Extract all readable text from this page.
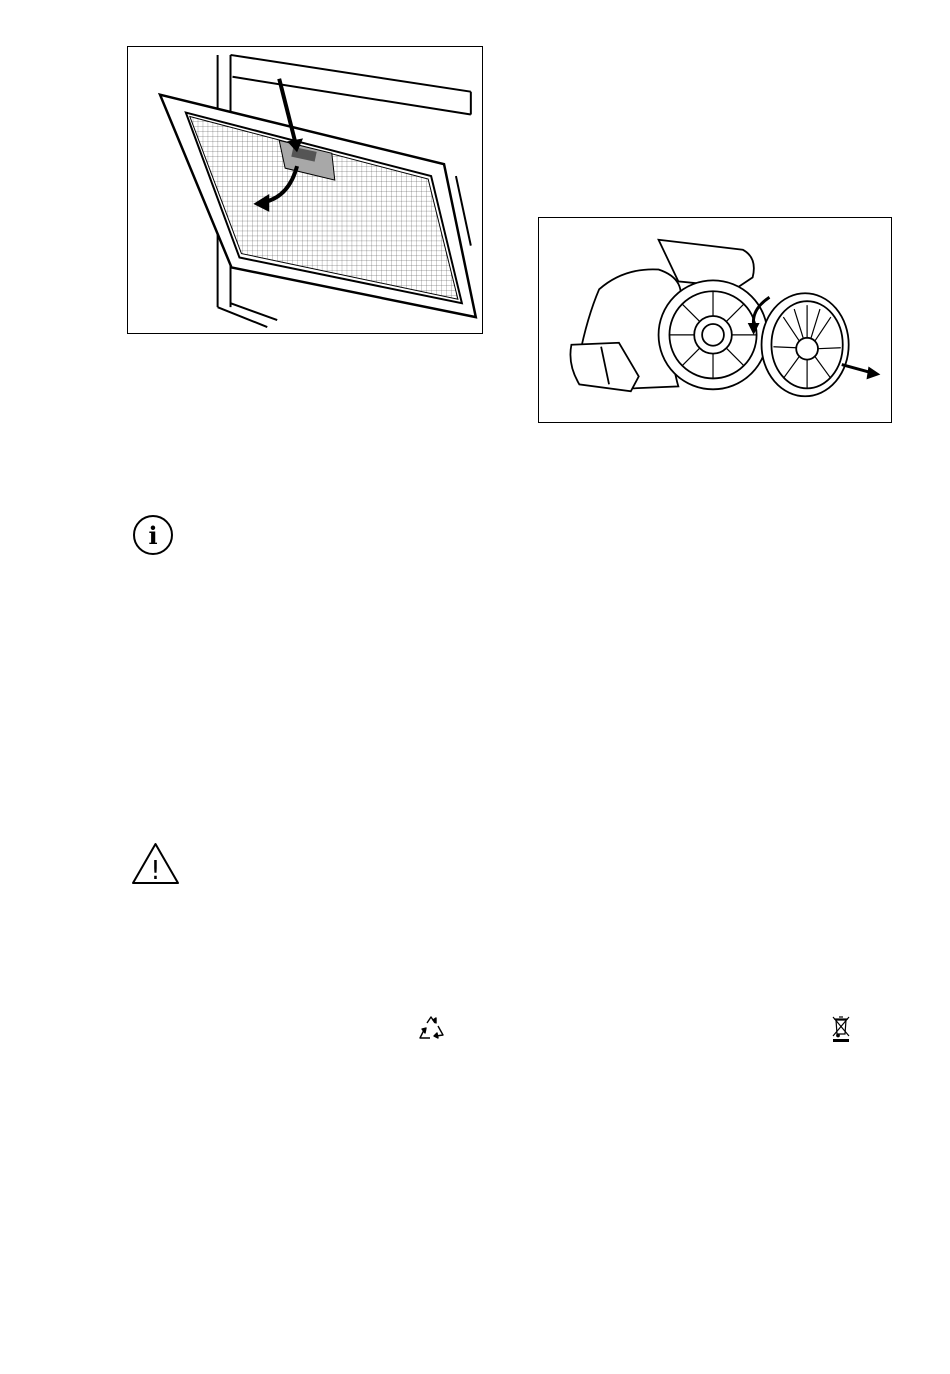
i
!
